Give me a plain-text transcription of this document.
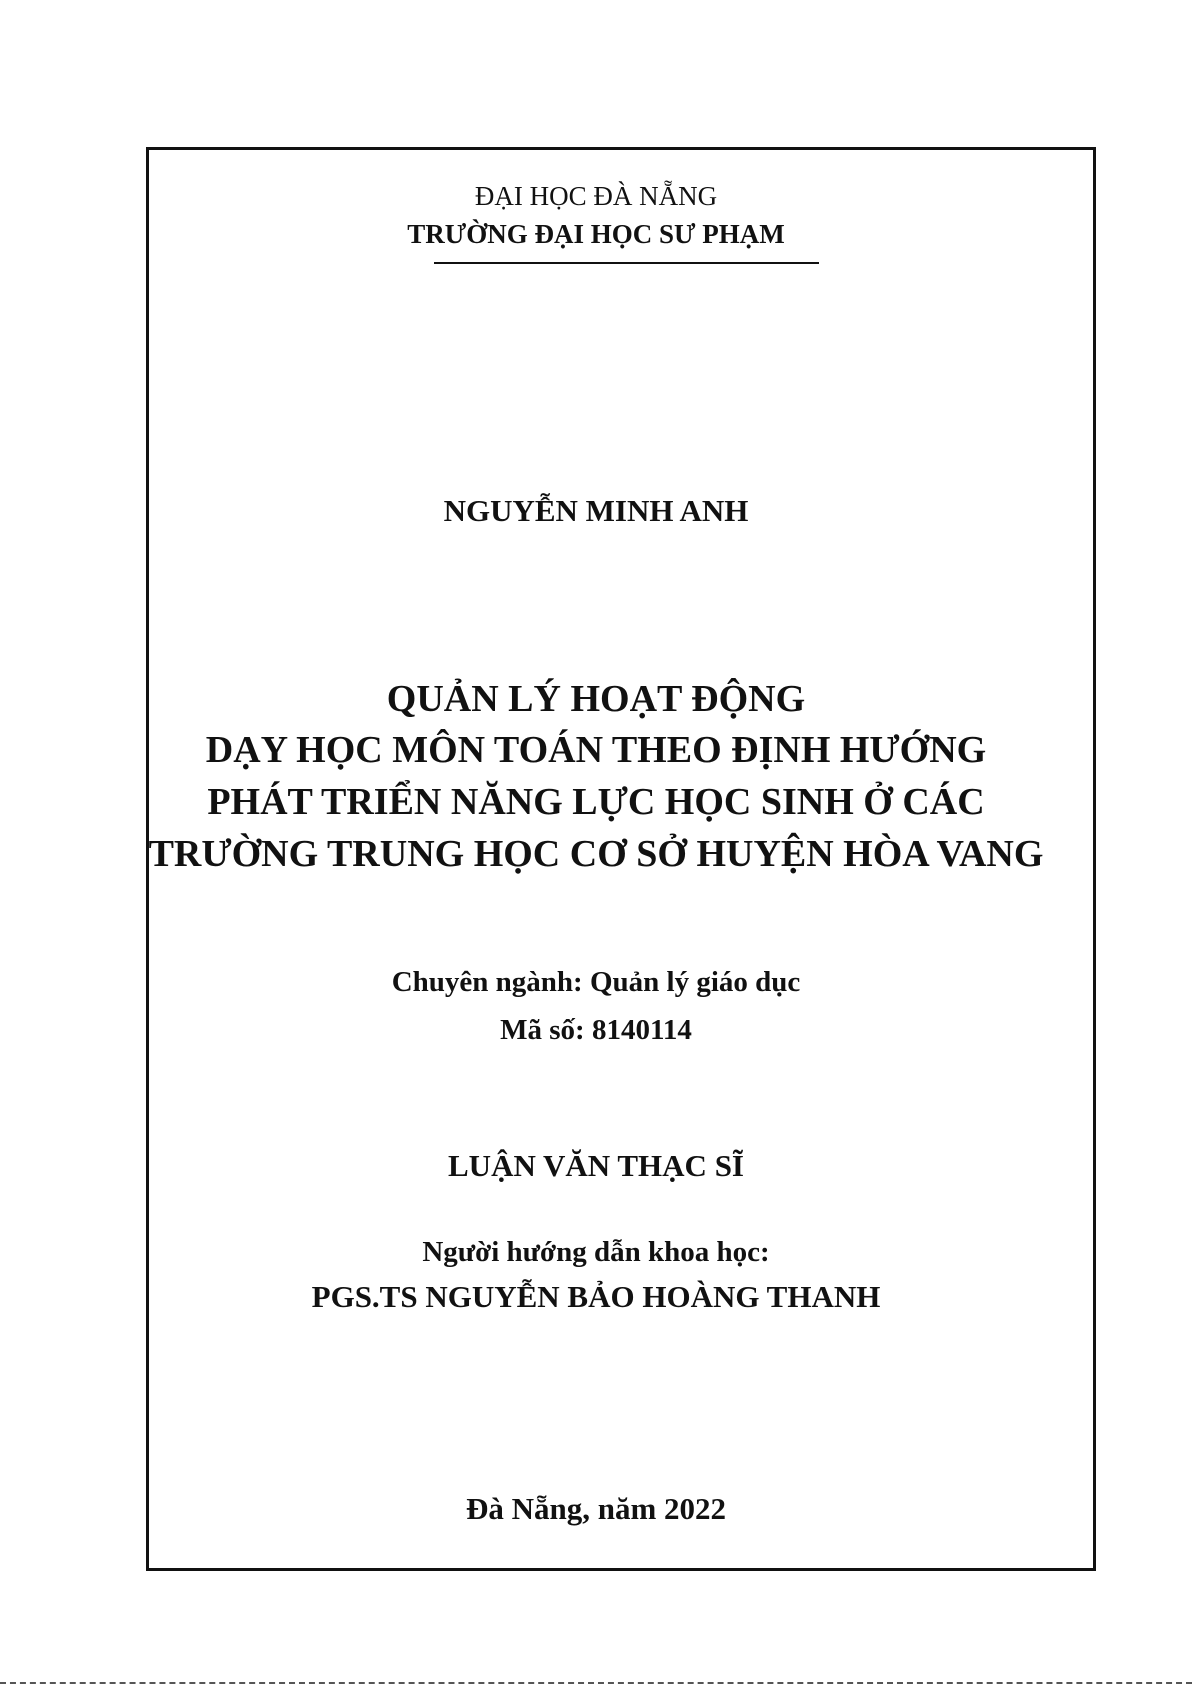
ĐẠI HỌC ĐÀ NẴNG
TRƯỜNG ĐẠI HỌC SƯ PHẠM
NGUYỄN MINH ANH
QUẢN LÝ HOẠT ĐỘNG
DẠY HỌC MÔN TOÁN THEO ĐỊNH HƯỚNG
PHÁT TRIỂN NĂNG LỰC HỌC SINH Ở CÁC
TRƯỜNG TRUNG HỌC CƠ SỞ HUYỆN HÒA VANG
Chuyên ngành: Quản lý giáo dục
Mã số: 8140114
LUẬN VĂN THẠC SĨ
Người hướng dẫn khoa học:
PGS.TS NGUYỄN BẢO HOÀNG THANH
Đà Nẵng, năm 2022
